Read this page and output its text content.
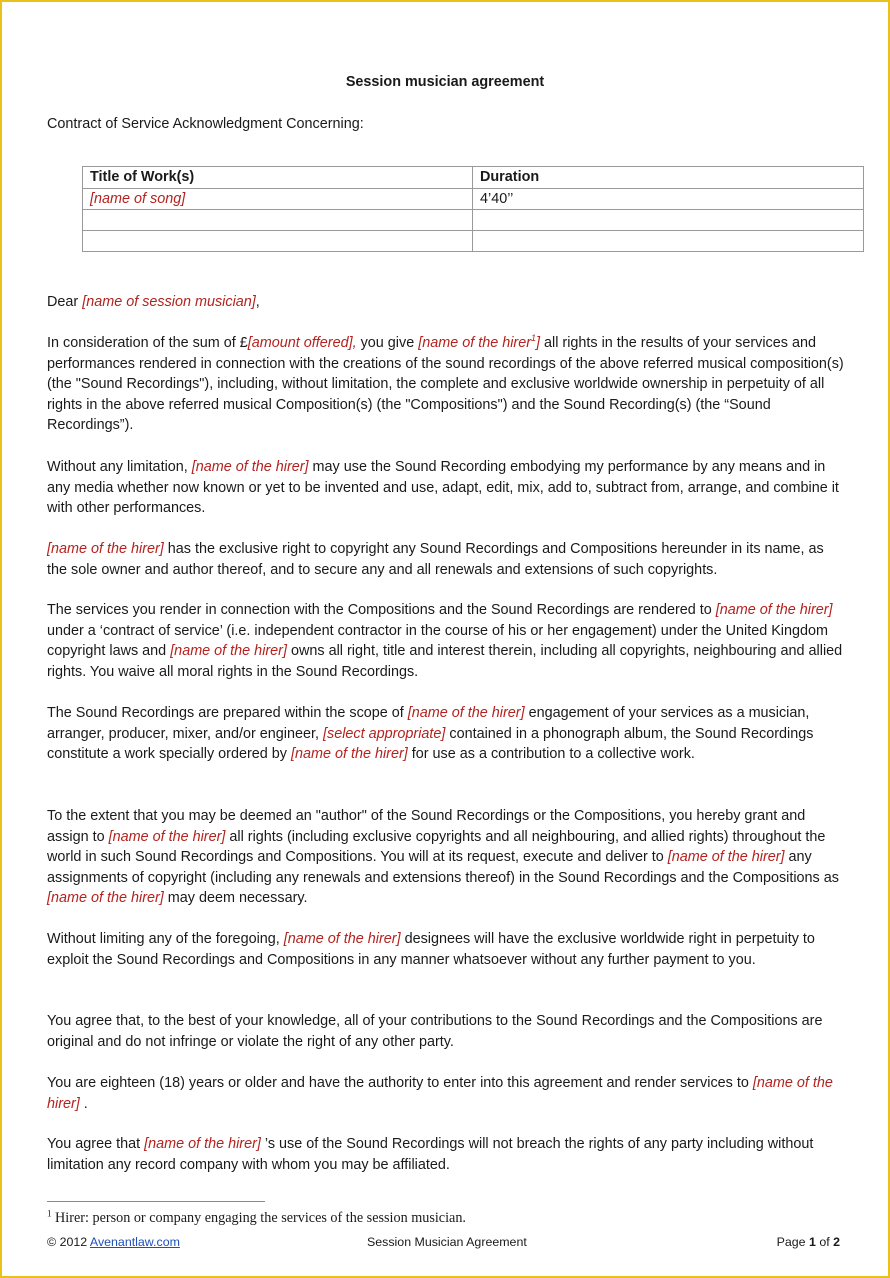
Session musician agreement
Contract of Service Acknowledgment Concerning:
Title of Work(s)	Duration
[name of song]	4’40’’

Dear [name of session musician],

In consideration of the sum of £[amount offered], you give [name of the hirer$^1$] all rights in the results of your services and performances rendered in connection with the creations of the sound recordings of the above referred musical composition(s) (the "Sound Recordings"), including, without limitation, the complete and exclusive worldwide ownership in perpetuity of all rights in the above referred musical Composition(s) (the "Compositions") and the Sound Recording(s) (the “Sound Recordings”).

Without any limitation, [name of the hirer] may use the Sound Recording embodying my performance by any means and in any media whether now known or yet to be invented and use, adapt, edit, mix, add to, subtract from, arrange, and combine it with other performances.

[name of the hirer] has the exclusive right to copyright any Sound Recordings and Compositions hereunder in its name, as the sole owner and author thereof, and to secure any and all renewals and extensions of such copyrights.

The services you render in connection with the Compositions and the Sound Recordings are rendered to [name of the hirer] under a ‘contract of service’ (i.e. independent contractor in the course of his or her engagement) under the United Kingdom copyright laws and [name of the hirer] owns all right, title and interest therein, including all copyrights, neighbouring and allied rights. You waive all moral rights in the Sound Recordings.

The Sound Recordings are prepared within the scope of [name of the hirer] engagement of your services as a musician, arranger, producer, mixer, and/or engineer, [select appropriate] contained in a phonograph album, the Sound Recordings constitute a work specially ordered by [name of the hirer] for use as a contribution to a collective work.

To the extent that you may be deemed an "author" of the Sound Recordings or the Compositions, you hereby grant and assign to [name of the hirer] all rights (including exclusive copyrights and all neighbouring, and allied rights) throughout the world in such Sound Recordings and Compositions. You will at its request, execute and deliver to [name of the hirer] any assignments of copyright (including any renewals and extensions thereof) in the Sound Recordings and the Compositions as [name of the hirer] may deem necessary.

Without limiting any of the foregoing, [name of the hirer] designees will have the exclusive worldwide right in perpetuity to exploit the Sound Recordings and Compositions in any manner whatsoever without any further payment to you.

You agree that, to the best of your knowledge, all of your contributions to the Sound Recordings and the Compositions are original and do not infringe or violate the right of any other party.

You are eighteen (18) years or older and have the authority to enter into this agreement and render services to [name of the hirer] .

You agree that [name of the hirer] ’s use of the Sound Recordings will not breach the rights of any party including without limitation any record company with whom you may be affiliated.

$^1$ Hirer: person or company engaging the services of the session musician.
© 2012 Avenantlaw.com	Session Musician Agreement	Page 1 of 2
